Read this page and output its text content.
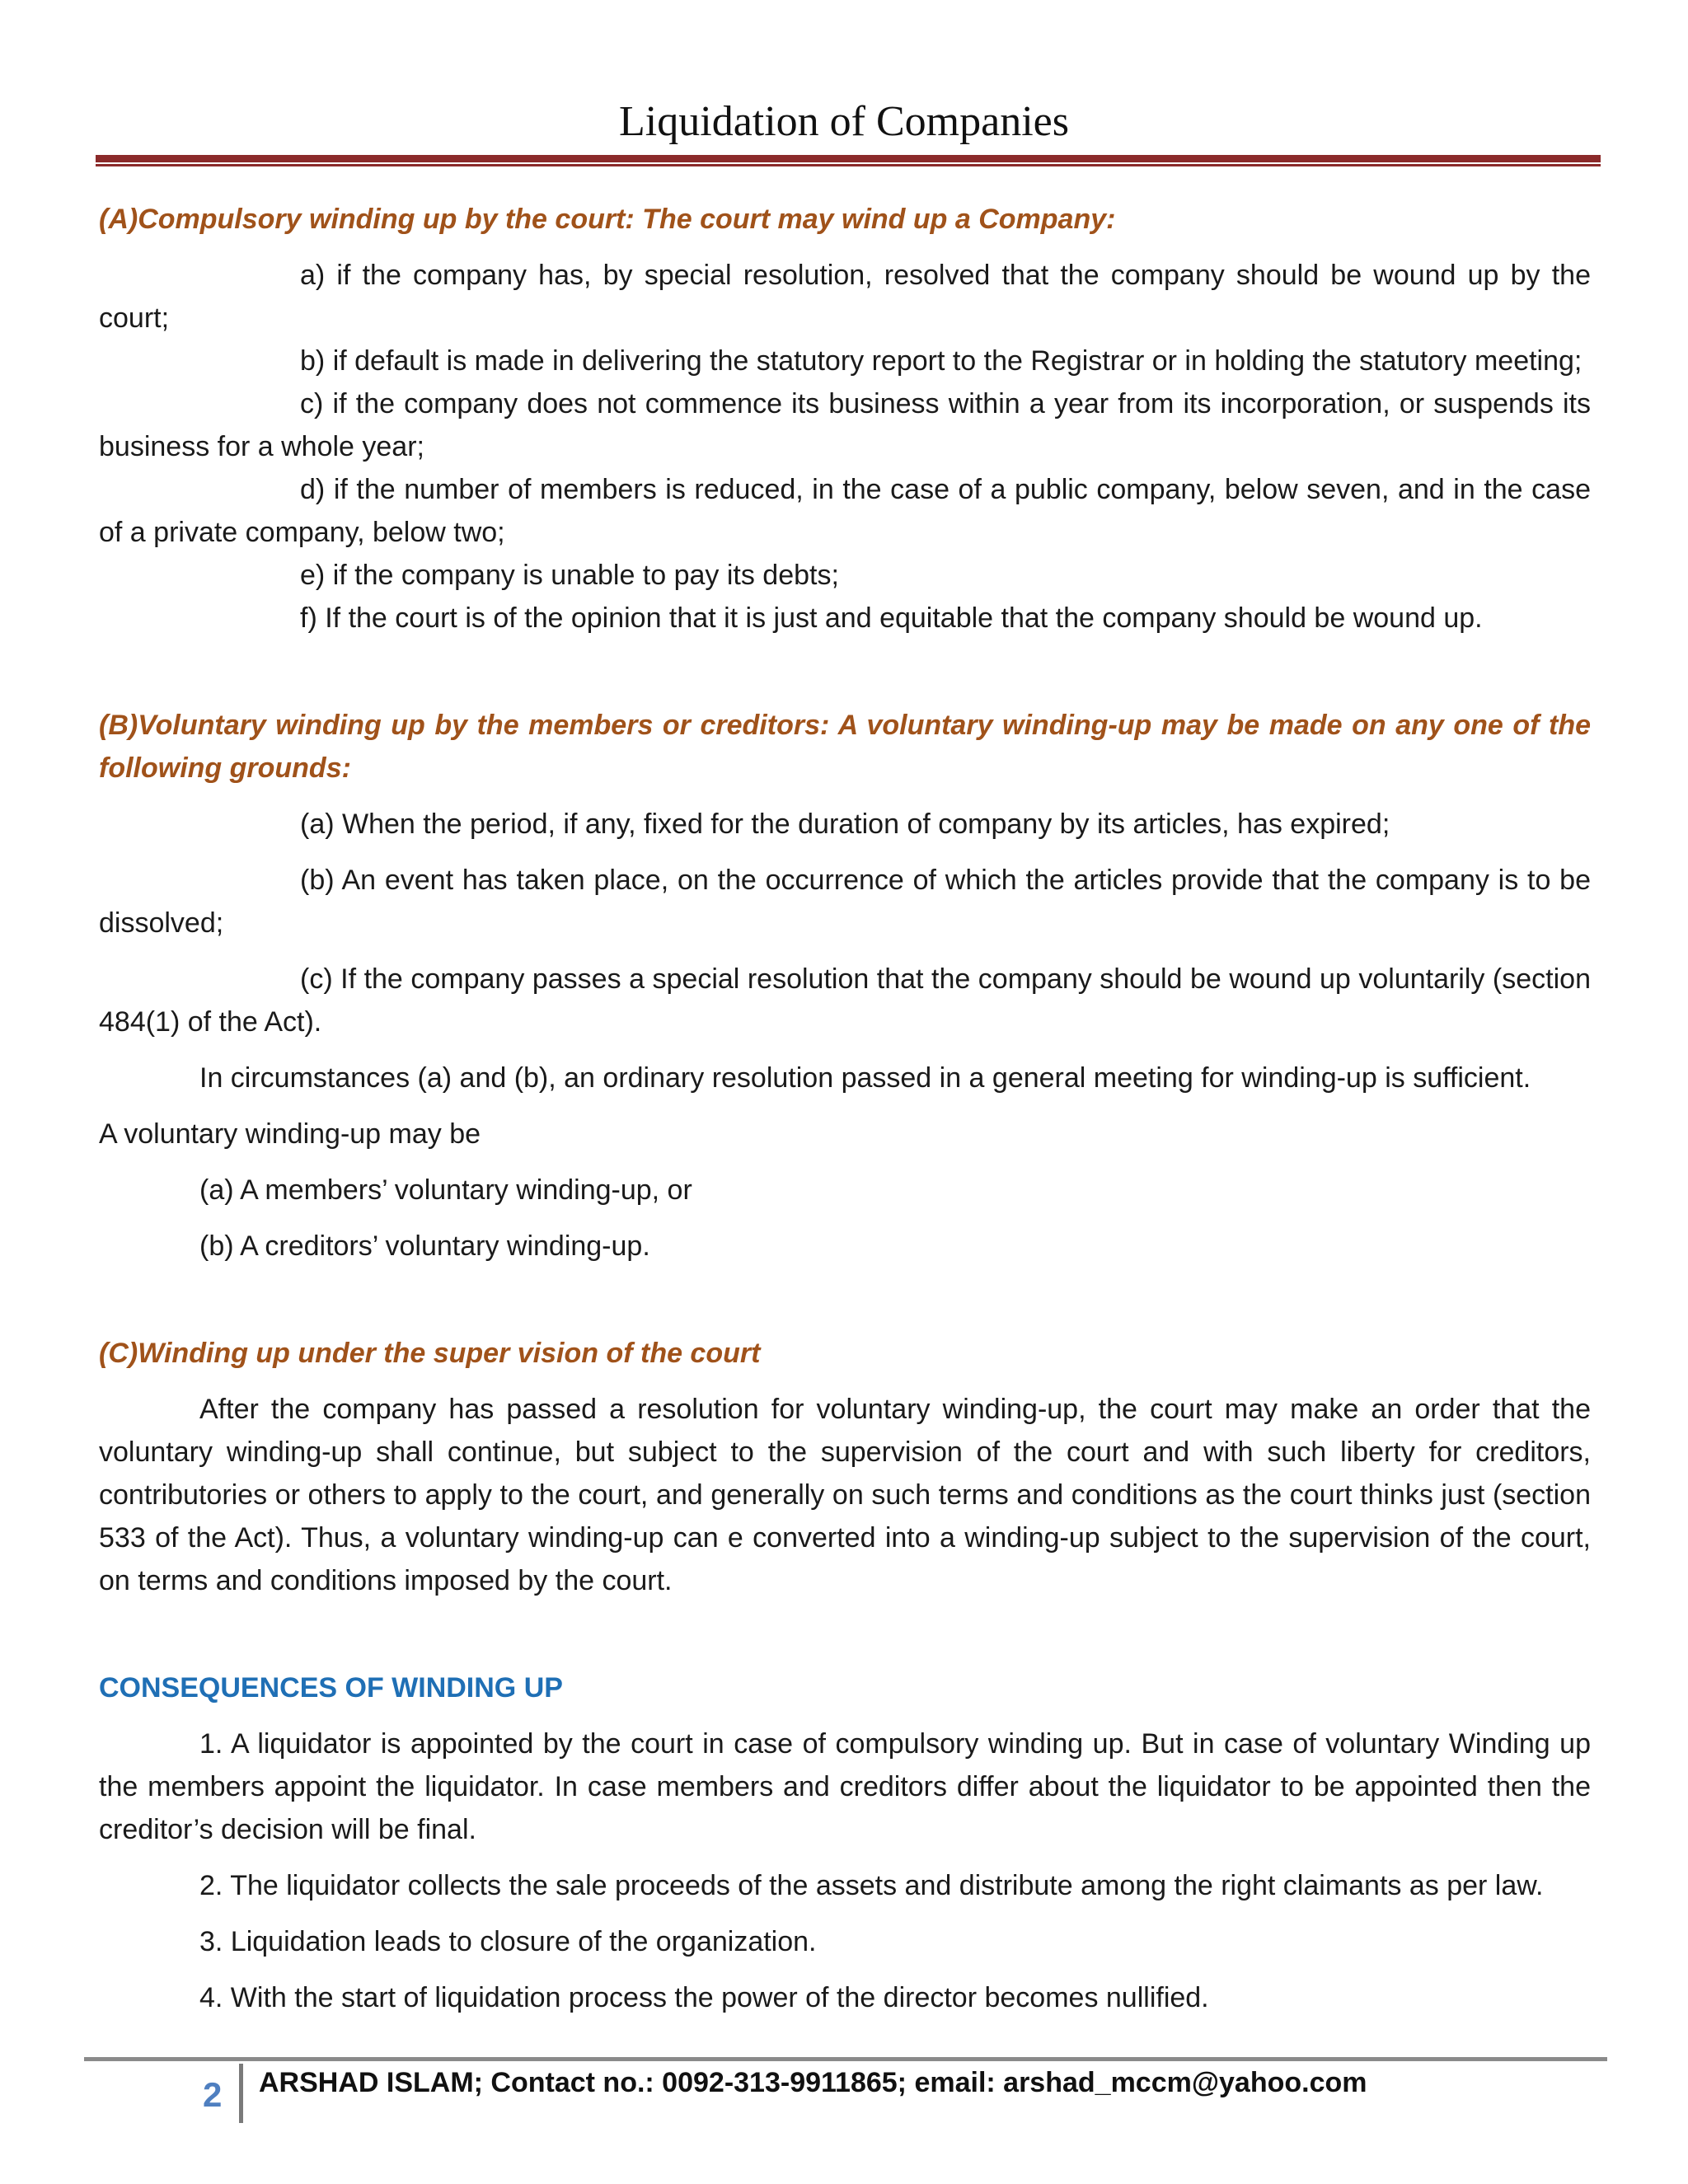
Liquidation of Companies

(A)Compulsory winding up by the court: The court may wind up a Company:

a) if the company has, by special resolution, resolved that the company should be wound up by the court;

b) if default is made in delivering the statutory report to the Registrar or in holding the statutory meeting;

c) if the company does not commence its business within a year from its incorporation, or suspends its business for a whole year;

d) if the number of members is reduced, in the case of a public company, below seven, and in the case of a private company, below two;

e) if the company is unable to pay its debts;

f) If the court is of the opinion that it is just and equitable that the company should be wound up.

(B)Voluntary winding up by the members or creditors: A voluntary winding-up may be made on any one of the following grounds:

(a) When the period, if any, fixed for the duration of company by its articles, has expired;

(b) An event has taken place, on the occurrence of which the articles provide that the company is to be dissolved;

(c) If the company passes a special resolution that the company should be wound up voluntarily (section 484(1) of the Act).

In circumstances (a) and (b), an ordinary resolution passed in a general meeting for winding-up is sufficient.

A voluntary winding-up may be

(a) A members’ voluntary winding-up, or

(b) A creditors’ voluntary winding-up.

(C)Winding up under the super vision of the court

After the company has passed a resolution for voluntary winding-up, the court may make an order that the voluntary winding-up shall continue, but subject to the supervision of the court and with such liberty for creditors, contributories or others to apply to the court, and generally on such terms and conditions as the court thinks just (section 533 of the Act). Thus, a voluntary winding-up can e converted into a winding-up subject to the supervision of the court, on terms and conditions imposed by the court.

CONSEQUENCES OF WINDING UP

1. A liquidator is appointed by the court in case of compulsory winding up. But in case of voluntary Winding up the members appoint the liquidator. In case members and creditors differ about the liquidator to be appointed then the creditor’s decision will be final.

2. The liquidator collects the sale proceeds of the assets and distribute among the right claimants as per law.

3. Liquidation leads to closure of the organization.

4. With the start of liquidation process the power of the director becomes nullified.

2 ARSHAD ISLAM; Contact no.: 0092-313-9911865; email: arshad_mccm@yahoo.com
